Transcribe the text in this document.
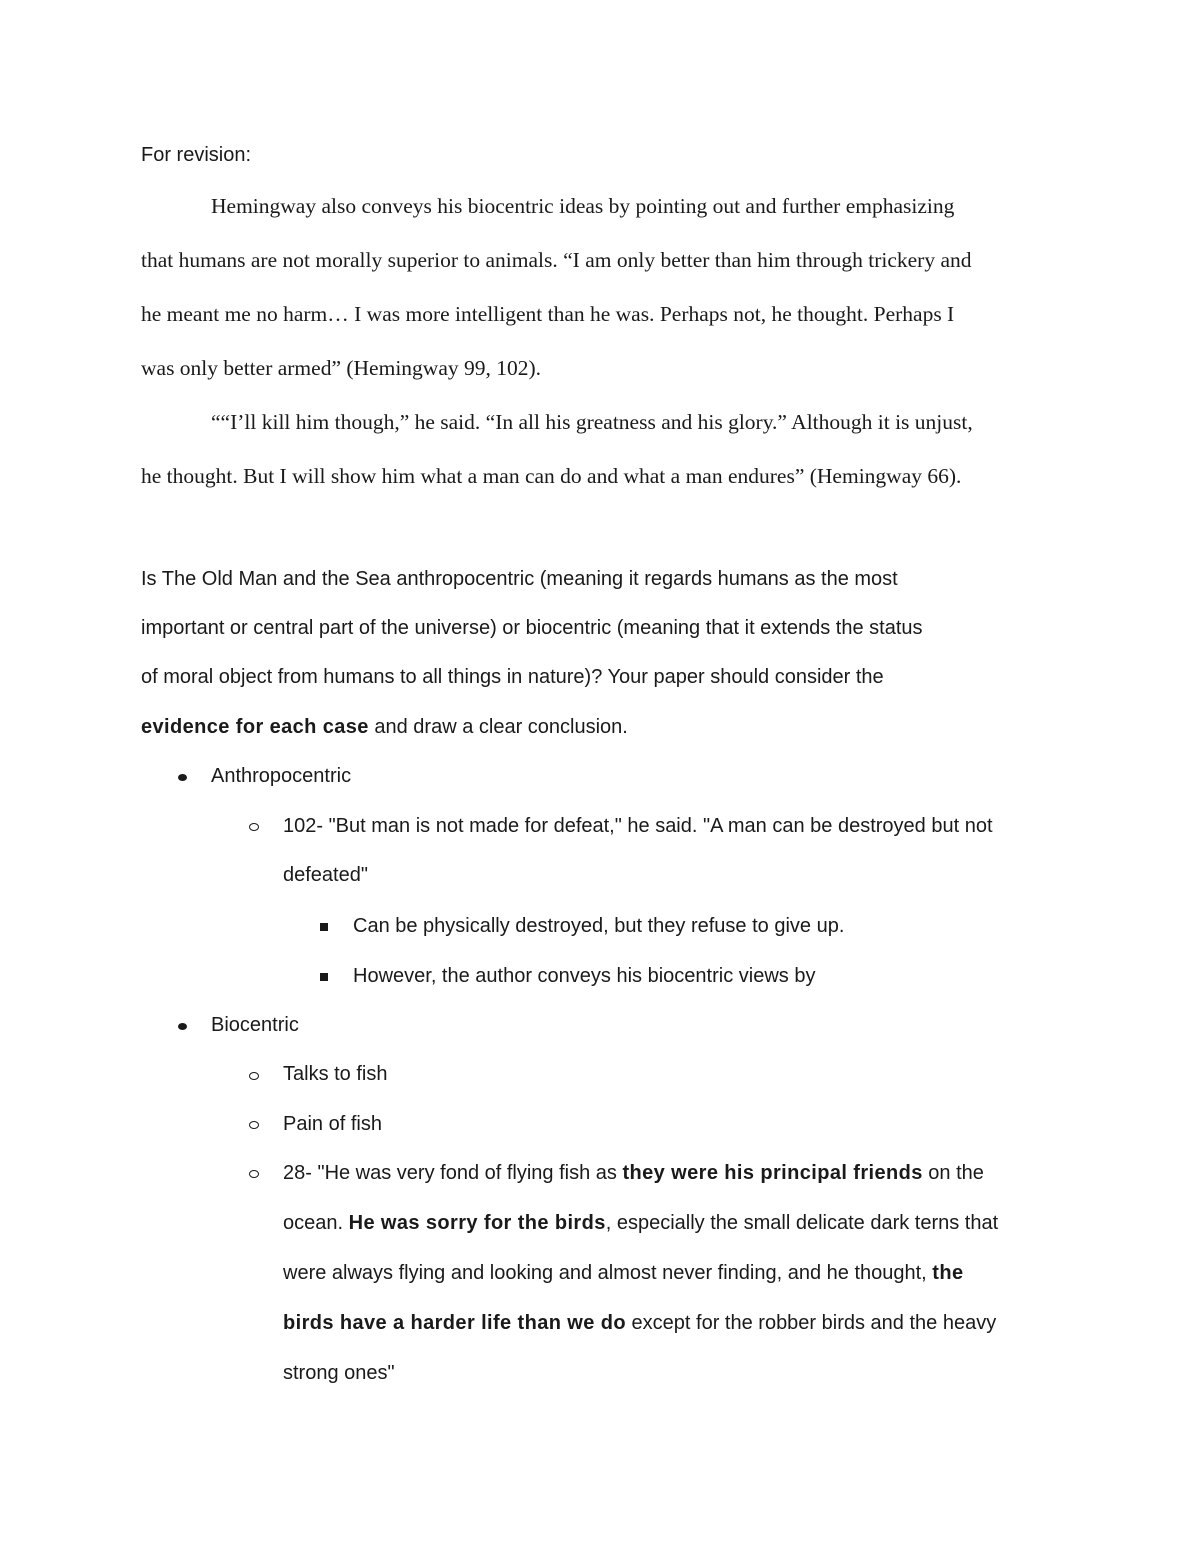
For revision:
Hemingway also conveys his biocentric ideas by pointing out and further emphasizing
that humans are not morally superior to animals. “I am only better than him through trickery and
he meant me no harm… I was more intelligent than he was. Perhaps not, he thought. Perhaps I
was only better armed” (Hemingway 99, 102).
““I’ll kill him though,” he said. “In all his greatness and his glory.” Although it is unjust,
he thought. But I will show him what a man can do and what a man endures” (Hemingway 66).
Is The Old Man and the Sea anthropocentric (meaning it regards humans as the most
important or central part of the universe) or biocentric (meaning that it extends the status
of moral object from humans to all things in nature)? Your paper should consider the
evidence for each case and draw a clear conclusion.
Anthropocentric
102- "But man is not made for defeat," he said. "A man can be destroyed but not
defeated"
Can be physically destroyed, but they refuse to give up.
However, the author conveys his biocentric views by
Biocentric
Talks to fish
Pain of fish
28- "He was very fond of flying fish as they were his principal friends on the
ocean. He was sorry for the birds, especially the small delicate dark terns that
were always flying and looking and almost never finding, and he thought, the
birds have a harder life than we do except for the robber birds and the heavy
strong ones"
